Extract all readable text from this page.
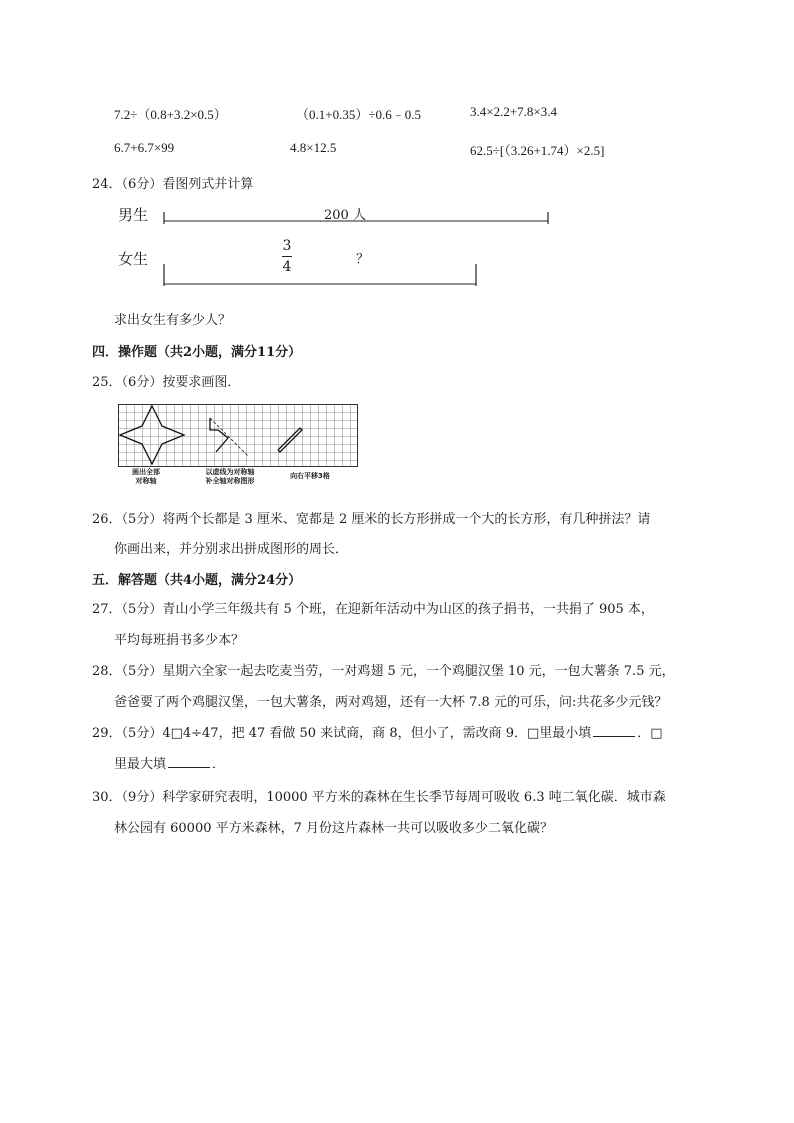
7.2÷（0.8+3.2×0.5）	（0.1+0.35）÷0.6﹣0.5	3.4×2.2+7.8×3.4
6.7+6.7×99	4.8×12.5	62.5÷[（3.26+1.74）×2.5]
24．（6分）看图列式并计算
男生	200 人
女生
3
4	？
求出女生有多少人？
四．操作题（共2小题，满分11分）
25．（6分）按要求画图．
画出全部
对称轴
以虚线为对称轴
补全轴对称图形
向右平移3格
26．（5分）将两个长都是 3 厘米、宽都是 2 厘米的长方形拼成一个大的长方形，有几种拼法？请
你画出来，并分别求出拼成图形的周长．
五．解答题（共4小题，满分24分）
27．（5分）青山小学三年级共有 5 个班，在迎新年活动中为山区的孩子捐书，一共捐了 905 本，
平均每班捐书多少本？
28．（5分）星期六全家一起去吃麦当劳，一对鸡翅 5 元，一个鸡腿汉堡 10 元，一包大薯条 7.5 元，
爸爸要了两个鸡腿汉堡，一包大薯条，两对鸡翅，还有一大杯 7.8 元的可乐，问:共花多少元钱？
29．（5分）4□4÷47，把 47 看做 50 来试商，商 8，但小了，需改商 9．□里最小填	．□
里最大填	．
30．（9分）科学家研究表明，10000 平方米的森林在生长季节每周可吸收 6.3 吨二氧化碳．城市森
林公园有 60000 平方米森林，7 月份这片森林一共可以吸收多少二氧化碳？
